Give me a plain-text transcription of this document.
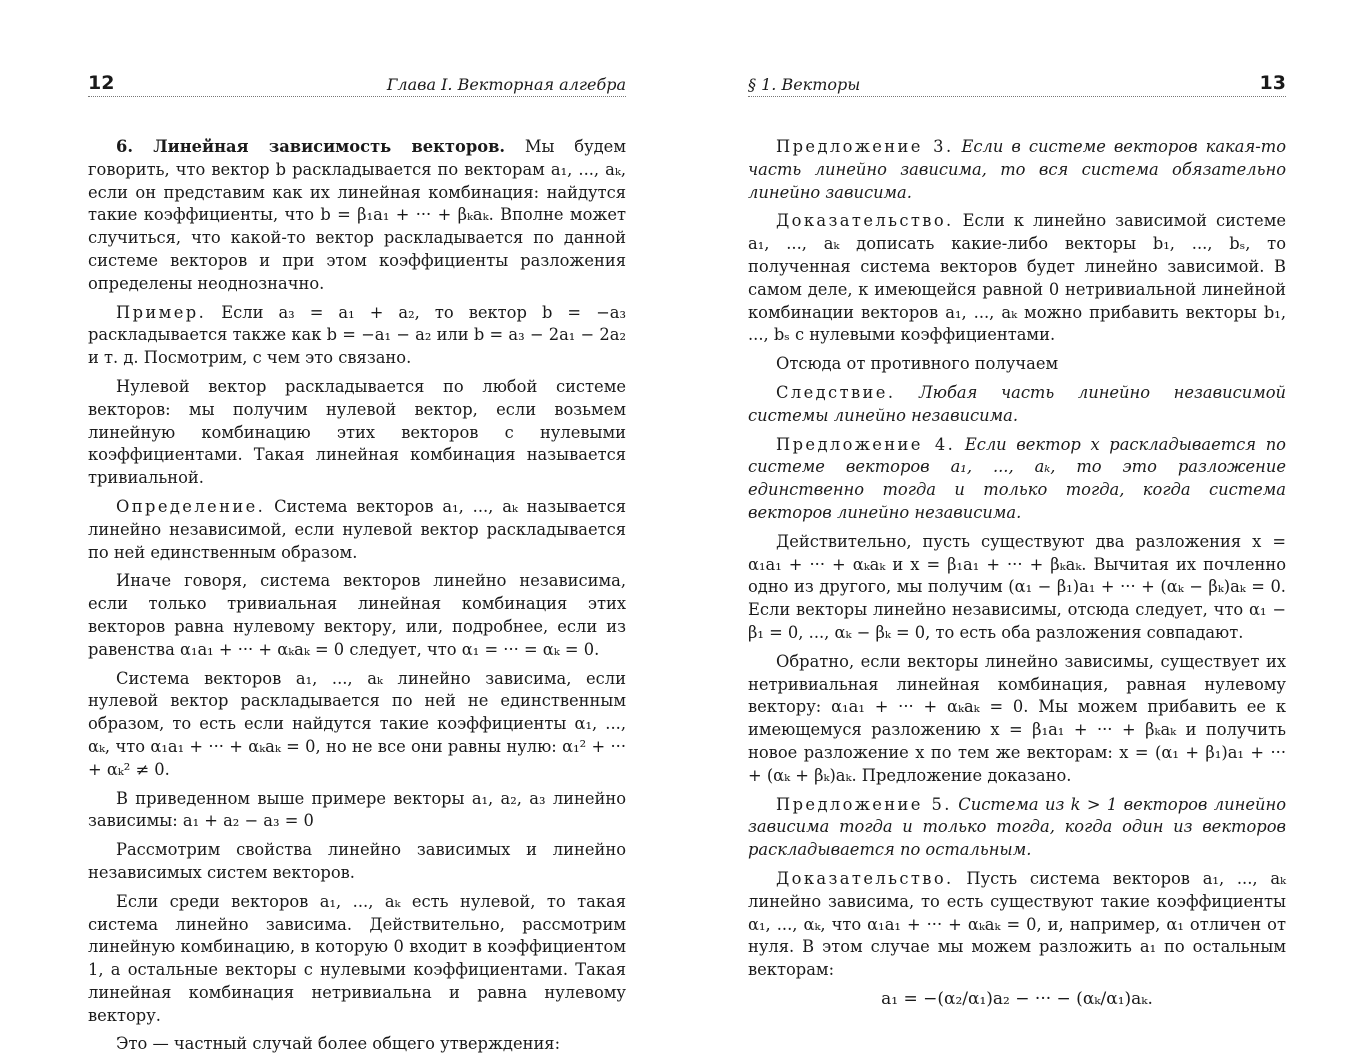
12	Глава I. Векторная алгебра

6. Линейная зависимость векторов. Мы будем говорить, что вектор b раскладывается по векторам a₁, ..., aₖ, если он представим как их линейная комбинация: найдутся такие коэффициенты, что b = β₁a₁ + ··· + βₖaₖ. Вполне может случиться, что какой-то вектор раскладывается по данной системе векторов и при этом коэффициенты разложения определены неоднозначно.

Пример. Если a₃ = a₁ + a₂, то вектор b = −a₃ раскладывается также как b = −a₁ − a₂ или b = a₃ − 2a₁ − 2a₂ и т. д. Посмотрим, с чем это связано.

Нулевой вектор раскладывается по любой системе векторов: мы получим нулевой вектор, если возьмем линейную комбинацию этих векторов с нулевыми коэффициентами. Такая линейная комбинация называется тривиальной.

Определение. Система векторов a₁, ..., aₖ называется линейно независимой, если нулевой вектор раскладывается по ней единственным образом.

Иначе говоря, система векторов линейно независима, если только тривиальная линейная комбинация этих векторов равна нулевому вектору, или, подробнее, если из равенства α₁a₁ + ··· + αₖaₖ = 0 следует, что α₁ = ··· = αₖ = 0.

Система векторов a₁, ..., aₖ линейно зависима, если нулевой вектор раскладывается по ней не единственным образом, то есть если найдутся такие коэффициенты α₁, ..., αₖ, что α₁a₁ + ··· + αₖaₖ = 0, но не все они равны нулю: α₁² + ··· + αₖ² ≠ 0.

В приведенном выше примере векторы a₁, a₂, a₃ линейно зависимы: a₁ + a₂ − a₃ = 0

Рассмотрим свойства линейно зависимых и линейно независимых систем векторов.

Если среди векторов a₁, ..., aₖ есть нулевой, то такая система линейно зависима. Действительно, рассмотрим линейную комбинацию, в которую 0 входит в коэффициентом 1, а остальные векторы с нулевыми коэффициентами. Такая линейная комбинация нетривиальна и равна нулевому вектору.

Это — частный случай более общего утверждения:

§ 1. Векторы	13

Предложение 3. Если в системе векторов какая-то часть линейно зависима, то вся система обязательно линейно зависима.

Доказательство. Если к линейно зависимой системе a₁, ..., aₖ дописать какие-либо векторы b₁, ..., bₛ, то полученная система векторов будет линейно зависимой. В самом деле, к имеющейся равной 0 нетривиальной линейной комбинации векторов a₁, ..., aₖ можно прибавить векторы b₁, ..., bₛ с нулевыми коэффициентами.

Отсюда от противного получаем

Следствие. Любая часть линейно независимой системы линейно независима.

Предложение 4. Если вектор x раскладывается по системе векторов a₁, ..., aₖ, то это разложение единственно тогда и только тогда, когда система векторов линейно независима.

Действительно, пусть существуют два разложения x = α₁a₁ + ··· + αₖaₖ и x = β₁a₁ + ··· + βₖaₖ. Вычитая их почленно одно из другого, мы получим (α₁ − β₁)a₁ + ··· + (αₖ − βₖ)aₖ = 0. Если векторы линейно независимы, отсюда следует, что α₁ − β₁ = 0, ..., αₖ − βₖ = 0, то есть оба разложения совпадают.

Обратно, если векторы линейно зависимы, существует их нетривиальная линейная комбинация, равная нулевому вектору: α₁a₁ + ··· + αₖaₖ = 0. Мы можем прибавить ее к имеющемуся разложению x = β₁a₁ + ··· + βₖaₖ и получить новое разложение x по тем же векторам: x = (α₁ + β₁)a₁ + ··· + (αₖ + βₖ)aₖ. Предложение доказано.

Предложение 5. Система из k > 1 векторов линейно зависима тогда и только тогда, когда один из векторов раскладывается по остальным.

Доказательство. Пусть система векторов a₁, ..., aₖ линейно зависима, то есть существуют такие коэффициенты α₁, ..., αₖ, что α₁a₁ + ··· + αₖaₖ = 0, и, например, α₁ отличен от нуля. В этом случае мы можем разложить a₁ по остальным векторам:

a₁ = −(α₂/α₁)a₂ − ··· − (αₖ/α₁)aₖ.
